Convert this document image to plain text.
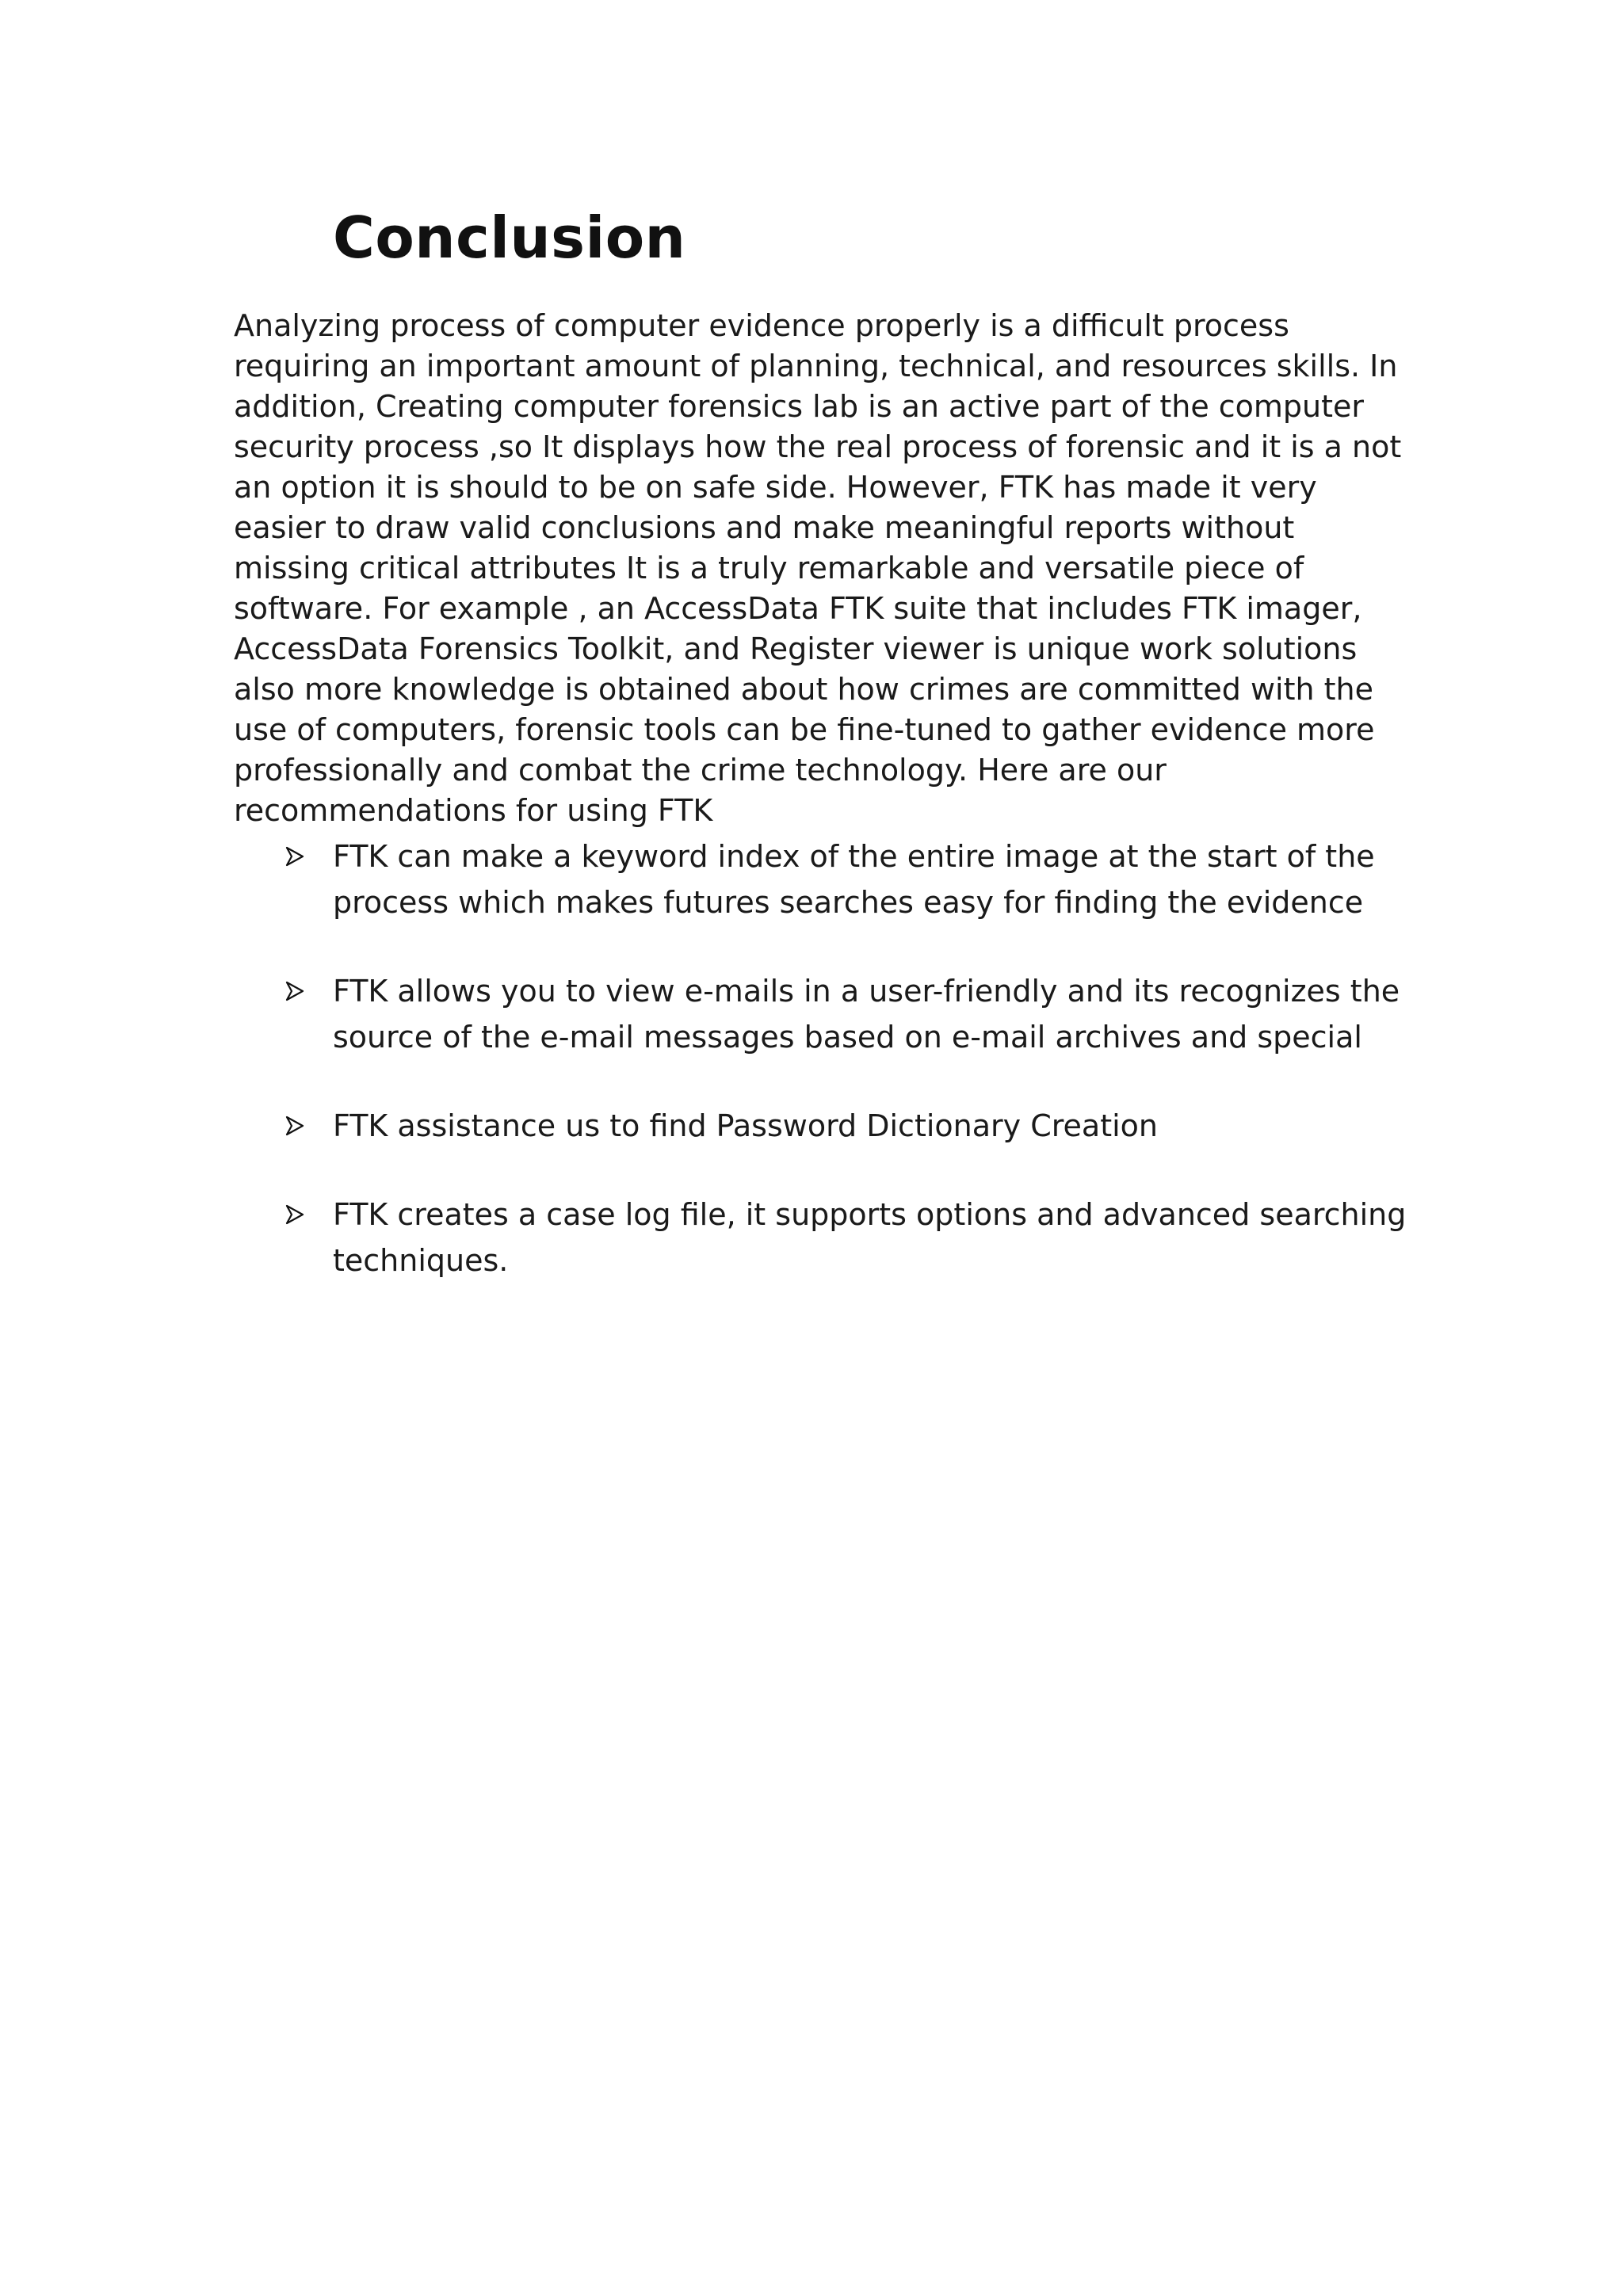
Conclusion

Analyzing process of computer evidence properly is a difficult process requiring an important amount of planning, technical, and resources skills. In addition, Creating computer forensics lab is an active part of the computer security process ,so It displays how the real process of forensic and it is a not an option it is should to be on safe side. However, FTK has made it very easier to draw valid conclusions and make meaningful reports without missing critical attributes It is a truly remarkable and versatile piece of software. For example , an AccessData FTK suite that includes FTK imager, AccessData Forensics Toolkit, and Register viewer is unique work solutions also more knowledge is obtained about how crimes are committed with the use of computers, forensic tools can be fine-tuned to gather evidence more professionally and combat the crime technology. Here are our recommendations for using FTK

FTK can make a keyword index of the entire image at the start of the process which makes futures searches easy for finding the evidence
FTK allows you to view e-mails in a user-friendly and its recognizes the source of the e-mail messages based on e-mail archives and special
FTK assistance us to find Password Dictionary Creation
FTK creates a case log file, it supports options and advanced searching techniques.
